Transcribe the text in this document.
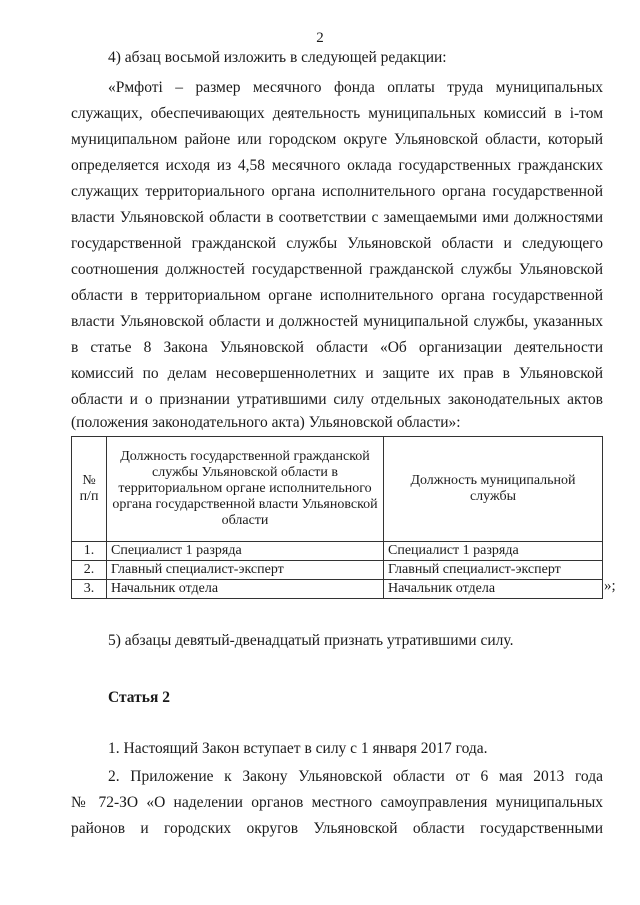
2
4) абзац восьмой изложить в следующей редакции:
«Рмфоті – размер месячного фонда оплаты труда муниципальных
служащих, обеспечивающих деятельность муниципальных комиссий в i-том
муниципальном районе или городском округе Ульяновской области, который
определяется исходя из 4,58 месячного оклада государственных гражданских
служащих территориального органа исполнительного органа государственной
власти Ульяновской области в соответствии с замещаемыми ими должностями
государственной гражданской службы Ульяновской области и следующего
соотношения должностей государственной гражданской службы Ульяновской
области в территориальном органе исполнительного органа государственной
власти Ульяновской области и должностей муниципальной службы, указанных
в статье 8 Закона Ульяновской области «Об организации деятельности
комиссий по делам несовершеннолетних и защите их прав в Ульяновской
области и о признании утратившими силу отдельных законодательных актов
(положения законодательного акта) Ульяновской области»:
№ п/п	Должность государственной гражданской службы Ульяновской области в территориальном органе исполнительного органа государственной власти Ульяновской области	Должность муниципальной службы
1.	Специалист 1 разряда	Специалист 1 разряда
2.	Главный специалист-эксперт	Главный специалист-эксперт
3.	Начальник отдела	Начальник отдела	»;
5) абзацы девятый-двенадцатый признать утратившими силу.
Статья 2
1. Настоящий Закон вступает в силу с 1 января 2017 года.
2. Приложение к Закону Ульяновской области от 6 мая 2013 года
№ 72-ЗО «О наделении органов местного самоуправления муниципальных
районов и городских округов Ульяновской области государственными
